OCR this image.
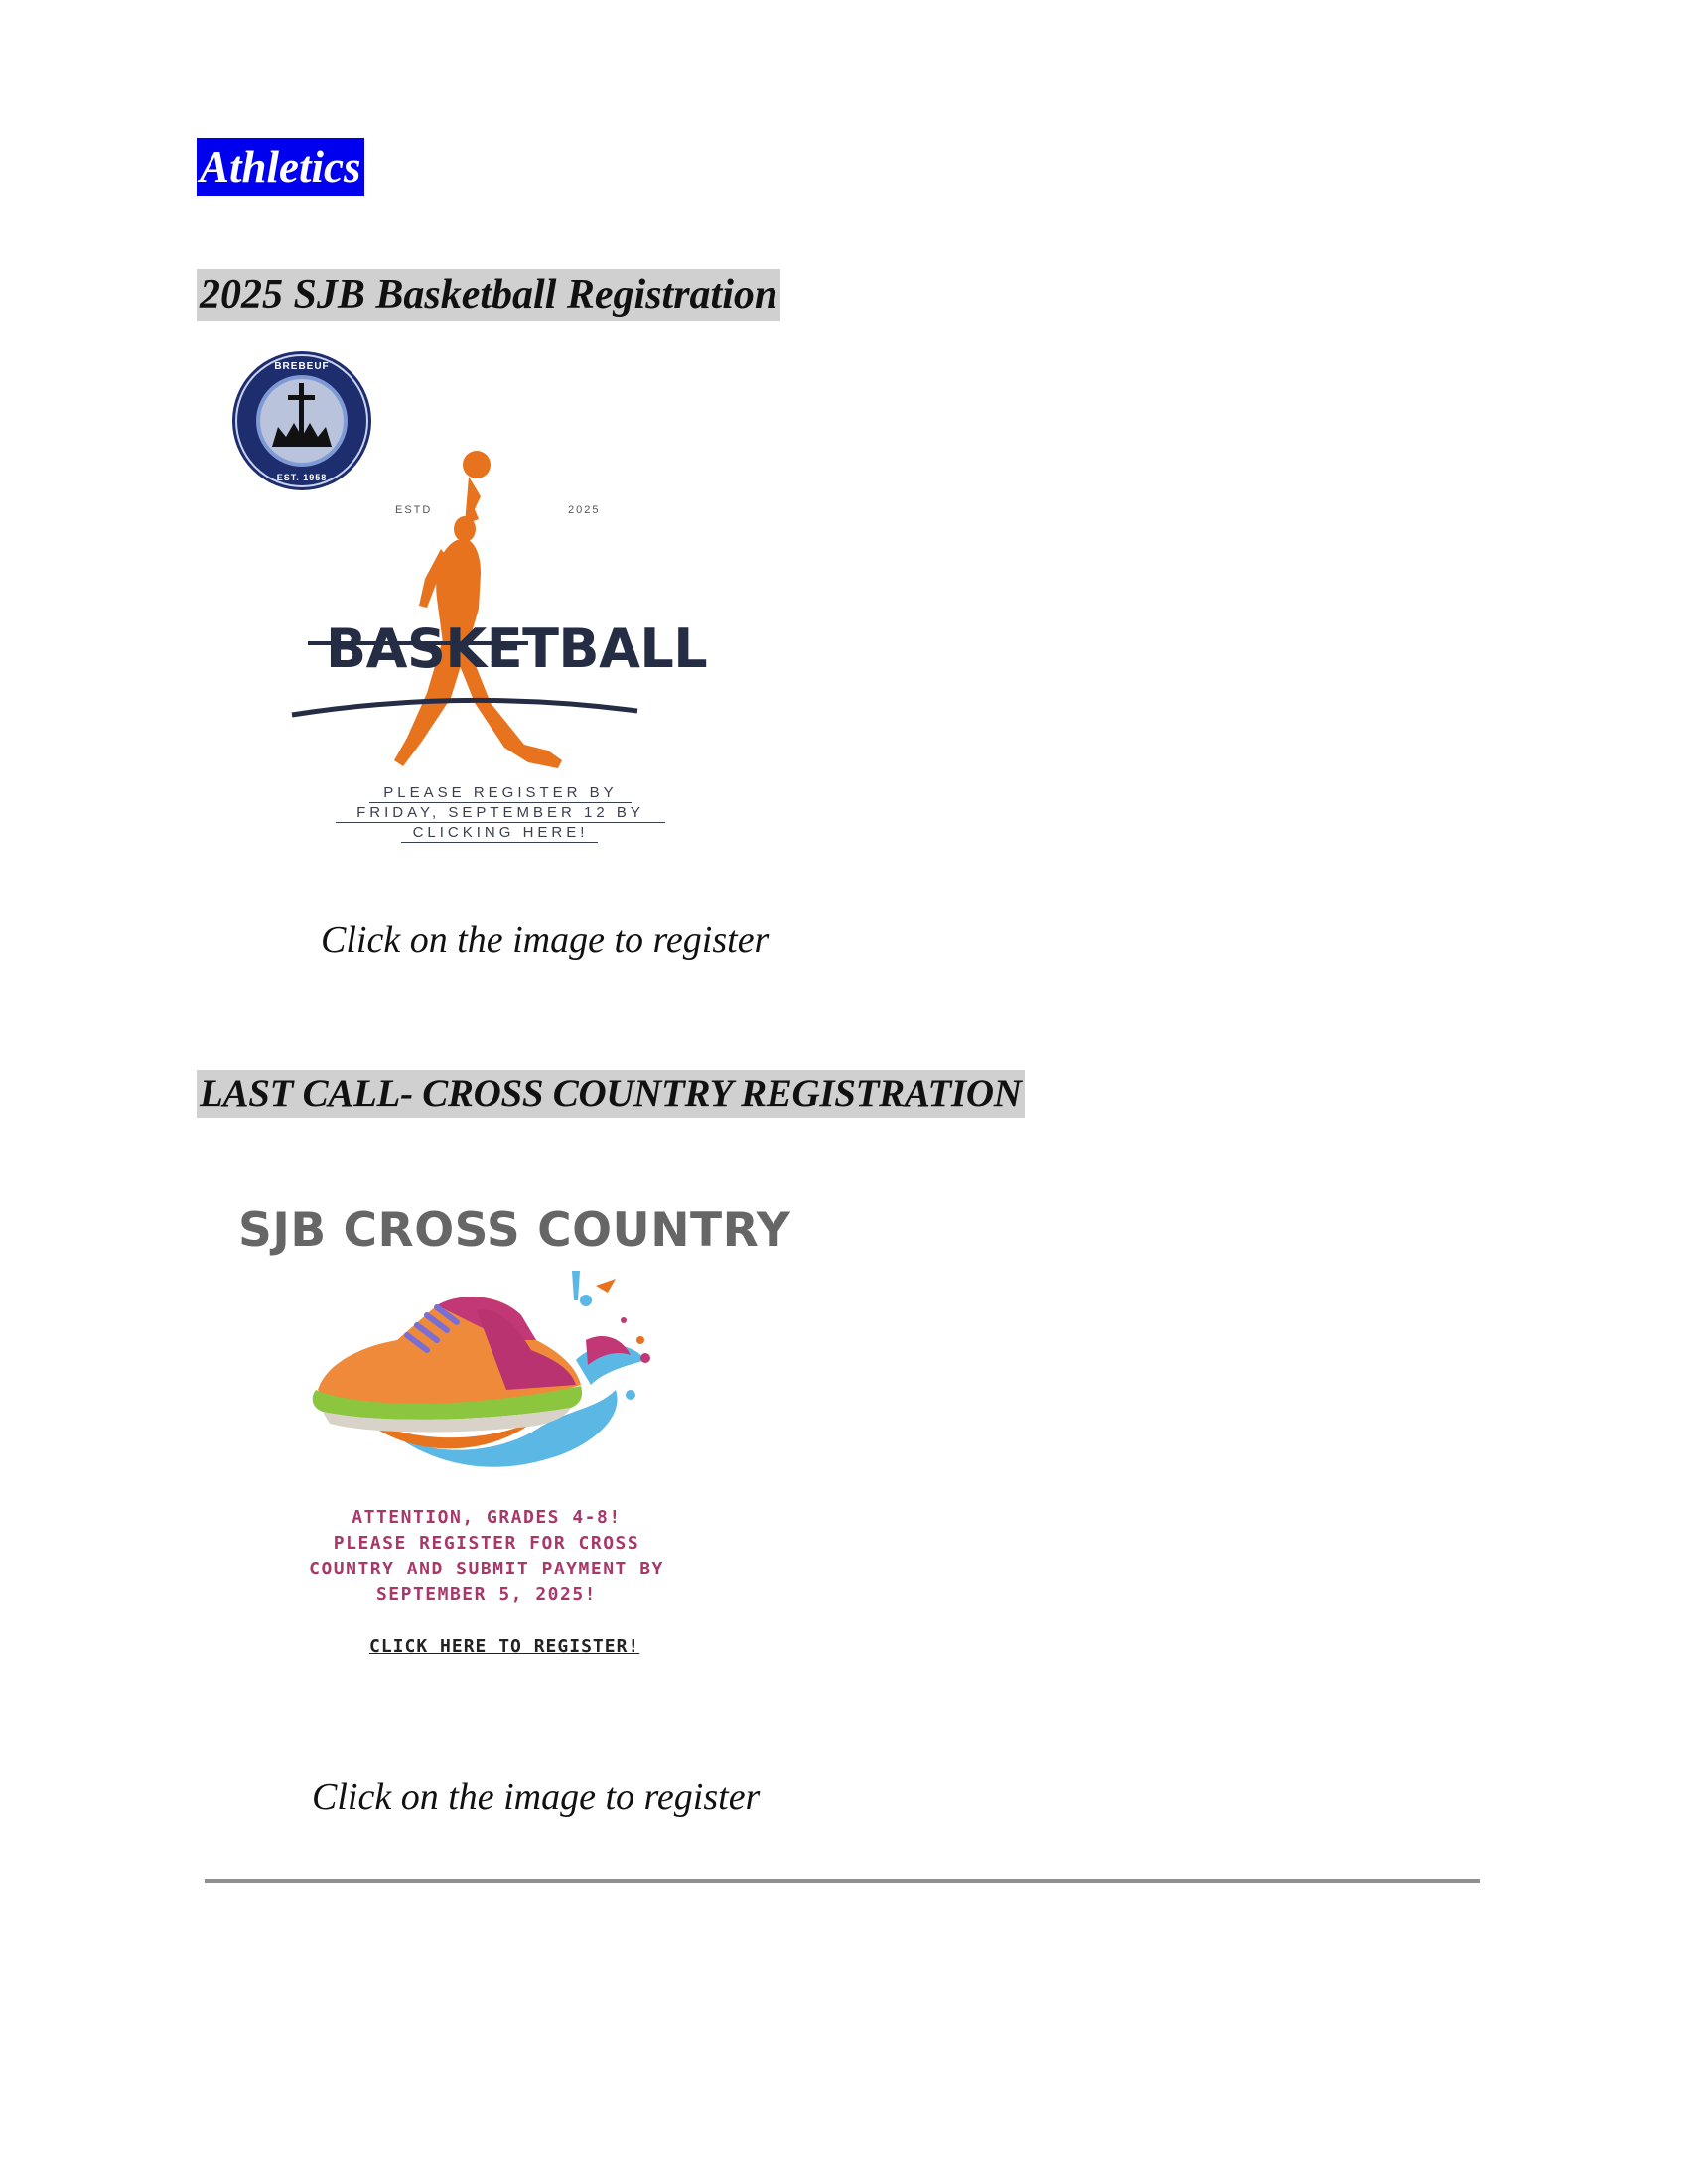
Athletics
2025 SJB Basketball Registration
BREBEUF
EST. 1958
ESTD	2025
BASKETBALL
PLEASE REGISTER BY
FRIDAY, SEPTEMBER 12 BY
CLICKING HERE!
Click on the image to register
LAST CALL- CROSS COUNTRY REGISTRATION
SJB CROSS COUNTRY
ATTENTION, GRADES 4-8!
PLEASE REGISTER FOR CROSS
COUNTRY AND SUBMIT PAYMENT BY
SEPTEMBER 5, 2025!
CLICK HERE TO REGISTER!
Click on the image to register
